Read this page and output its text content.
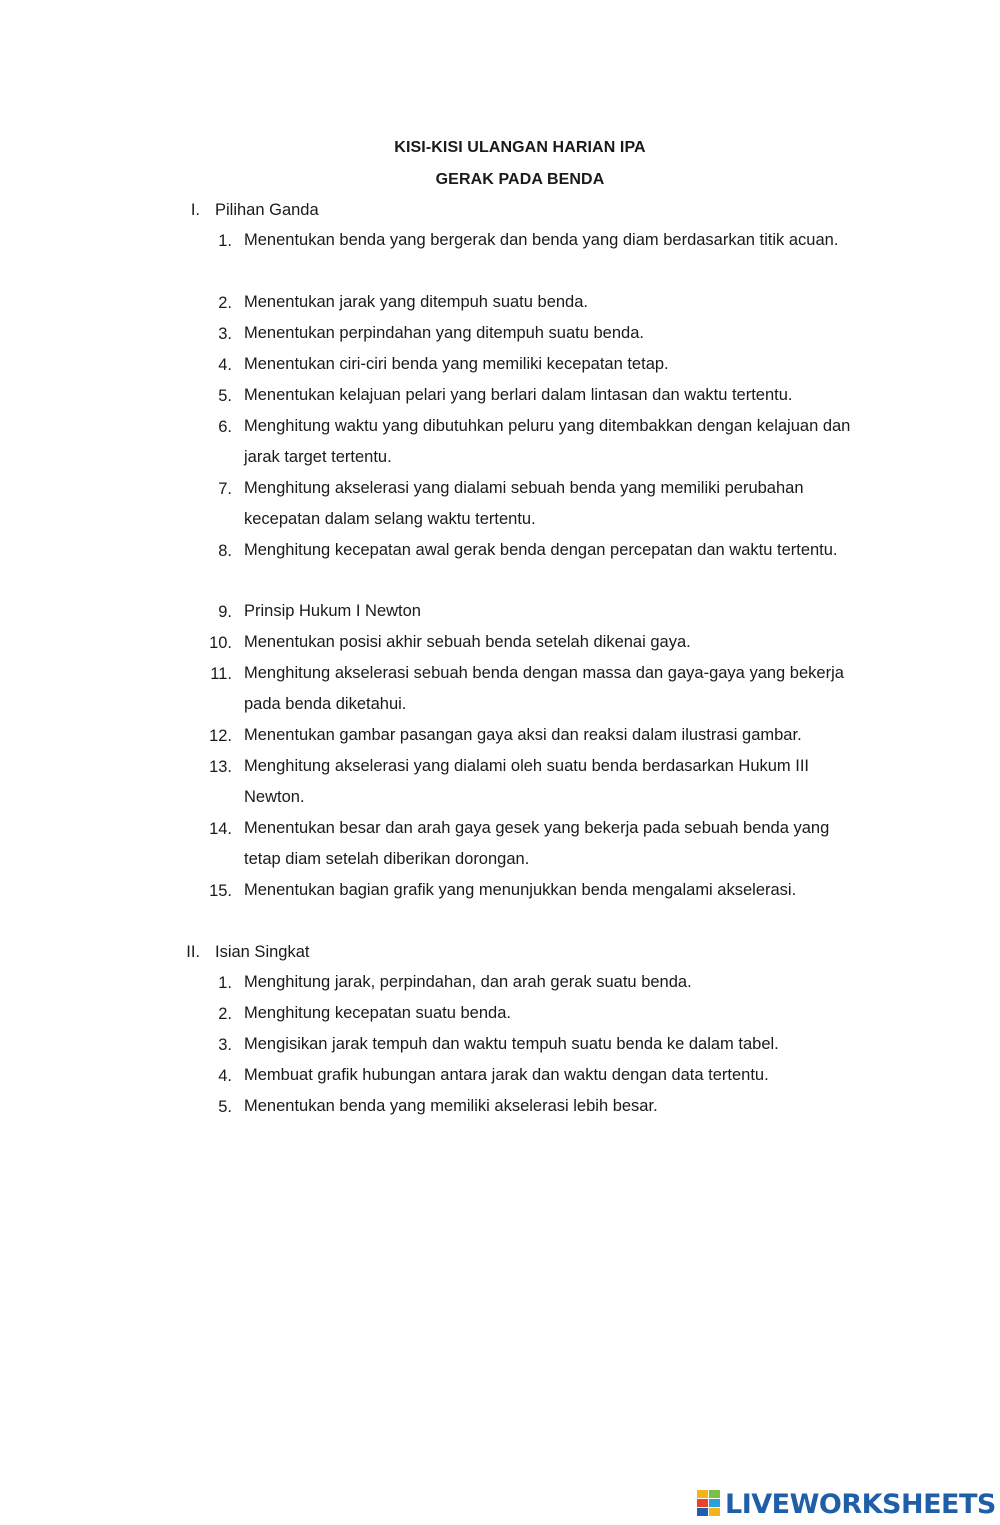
KISI-KISI ULANGAN HARIAN IPA
GERAK PADA BENDA
I. Pilihan Ganda
1. Menentukan benda yang bergerak dan benda yang diam berdasarkan titik acuan.
2. Menentukan jarak yang ditempuh suatu benda.
3. Menentukan perpindahan yang ditempuh suatu benda.
4. Menentukan ciri-ciri benda yang memiliki kecepatan tetap.
5. Menentukan kelajuan pelari yang berlari dalam lintasan dan waktu tertentu.
6. Menghitung waktu yang dibutuhkan peluru yang ditembakkan dengan kelajuan dan jarak target tertentu.
7. Menghitung akselerasi yang dialami sebuah benda yang memiliki perubahan kecepatan dalam selang waktu tertentu.
8. Menghitung kecepatan awal gerak benda dengan percepatan dan waktu tertentu.
9. Prinsip Hukum I Newton
10. Menentukan posisi akhir sebuah benda setelah dikenai gaya.
11. Menghitung akselerasi sebuah benda dengan massa dan gaya-gaya yang bekerja pada benda diketahui.
12. Menentukan gambar pasangan gaya aksi dan reaksi dalam ilustrasi gambar.
13. Menghitung akselerasi yang dialami oleh suatu benda berdasarkan Hukum III Newton.
14. Menentukan besar dan arah gaya gesek yang bekerja pada sebuah benda yang tetap diam setelah diberikan dorongan.
15. Menentukan bagian grafik yang menunjukkan benda mengalami akselerasi.
II. Isian Singkat
1. Menghitung jarak, perpindahan, dan arah gerak suatu benda.
2. Menghitung kecepatan suatu benda.
3. Mengisikan jarak tempuh dan waktu tempuh suatu benda ke dalam tabel.
4. Membuat grafik hubungan antara jarak dan waktu dengan data tertentu.
5. Menentukan benda yang memiliki akselerasi lebih besar.
LIVEWORKSHEETS
